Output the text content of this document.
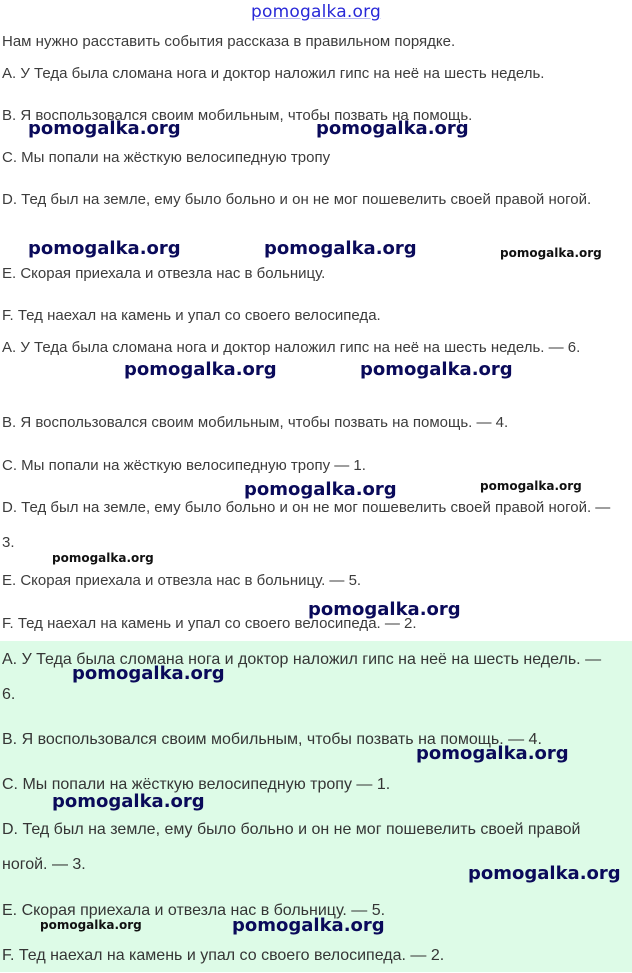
pomogalka.org
Нам нужно расставить события рассказа в правильном порядке.
A. У Теда была сломана нога и доктор наложил гипс на неё на шесть недель.
B. Я воспользовался своим мобильным, чтобы позвать на помощь.
C. Мы попали на жёсткую велосипедную тропу
D. Тед был на земле, ему было больно и он не мог пошевелить своей правой ногой.
E. Скорая приехала и отвезла нас в больницу.
F. Тед наехал на камень и упал со своего велосипеда.
A. У Теда была сломана нога и доктор наложил гипс на неё на шесть недель. — 6.
B. Я воспользовался своим мобильным, чтобы позвать на помощь. — 4.
C. Мы попали на жёсткую велосипедную тропу — 1.
D. Тед был на земле, ему было больно и он не мог пошевелить своей правой ногой. — 3.
E. Скорая приехала и отвезла нас в больницу. — 5.
F. Тед наехал на камень и упал со своего велосипеда. — 2.
A. У Теда была сломана нога и доктор наложил гипс на неё на шесть недель. — 6.
B. Я воспользовался своим мобильным, чтобы позвать на помощь. — 4.
C. Мы попали на жёсткую велосипедную тропу — 1.
D. Тед был на земле, ему было больно и он не мог пошевелить своей правой ногой. — 3.
E. Скорая приехала и отвезла нас в больницу. — 5.
F. Тед наехал на камень и упал со своего велосипеда. — 2.
pomogalka.org	pomogalka.org
pomogalka.org	pomogalka.org	pomogalka.org
pomogalka.org	pomogalka.org
pomogalka.org	pomogalka.org
pomogalka.org
pomogalka.org
pomogalka.org
pomogalka.org
pomogalka.org
pomogalka.org
pomogalka.org	pomogalka.org
